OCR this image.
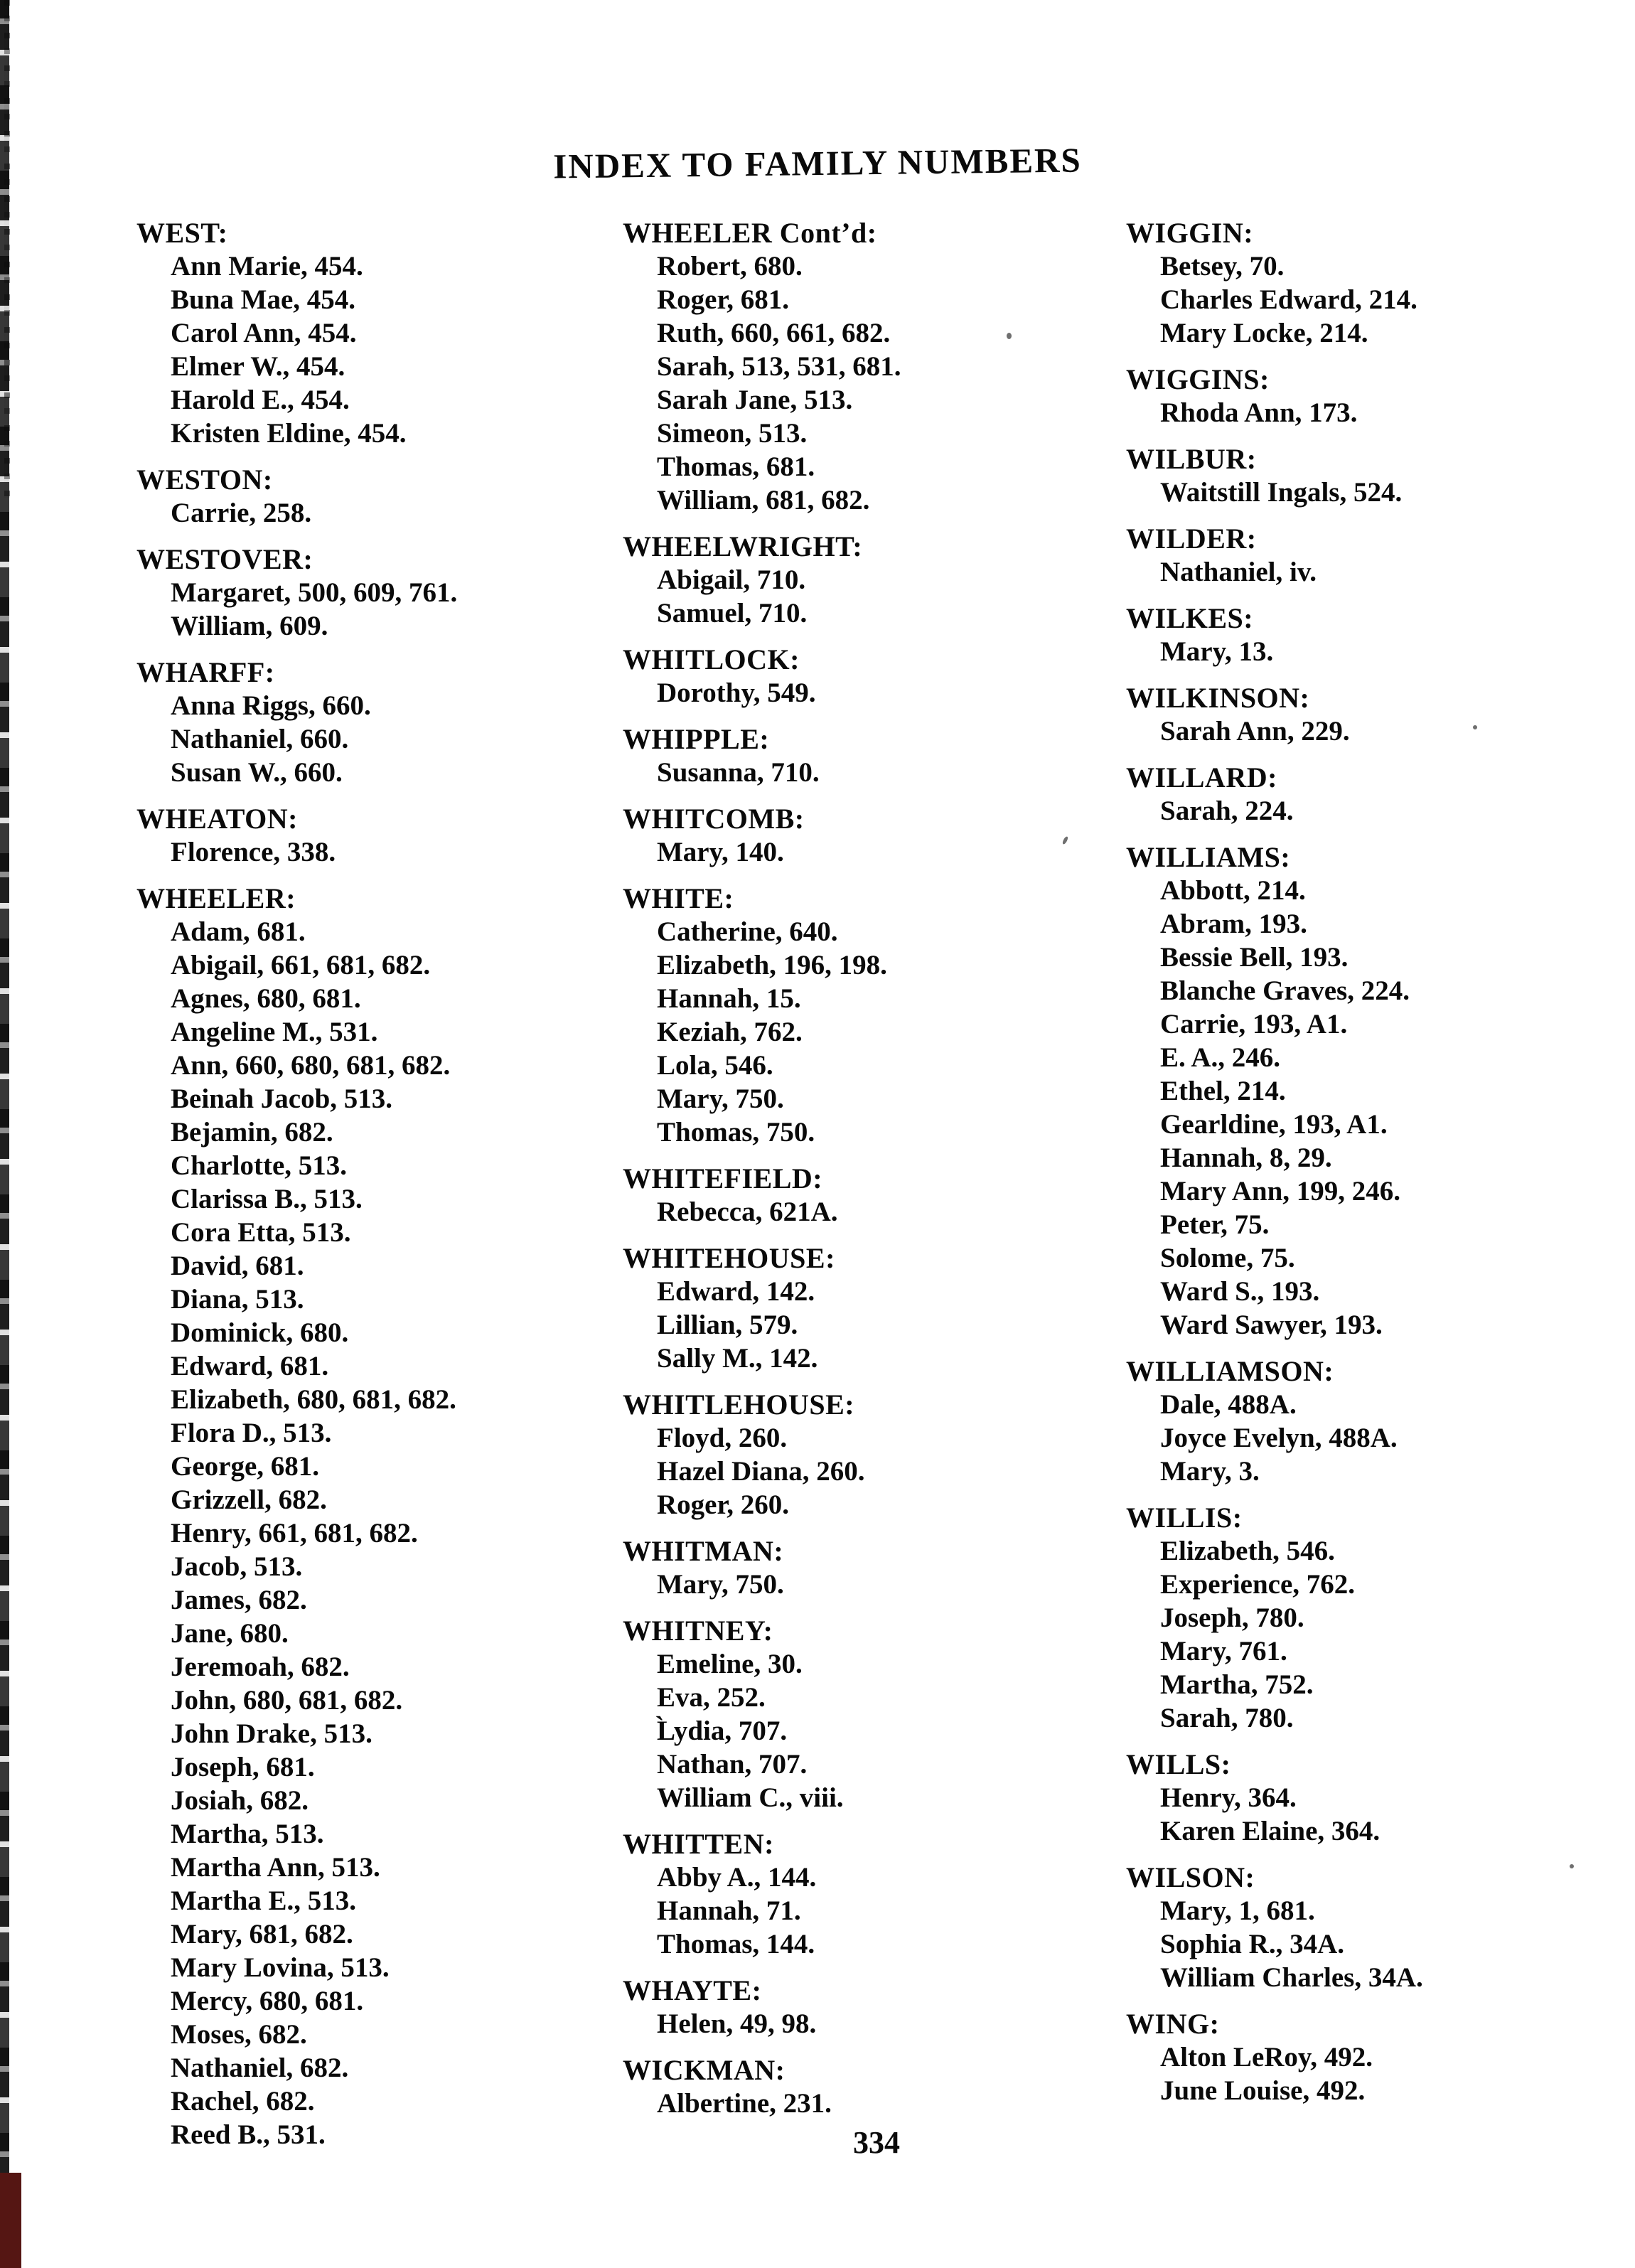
INDEX TO FAMILY NUMBERS
WEST:

Ann Marie, 454.

Buna Mae, 454.

Carol Ann, 454.

Elmer W., 454.

Harold E., 454.

Kristen Eldine, 454.

WESTON:

Carrie, 258.

WESTOVER:

Margaret, 500, 609, 761.

William, 609.

WHARFF:

Anna Riggs, 660.

Nathaniel, 660.

Susan W., 660.

WHEATON:

Florence, 338.

WHEELER:

Adam, 681.

Abigail, 661, 681, 682.

Agnes, 680, 681.

Angeline M., 531.

Ann, 660, 680, 681, 682.

Beinah Jacob, 513.

Bejamin, 682.

Charlotte, 513.

Clarissa B., 513.

Cora Etta, 513.

David, 681.

Diana, 513.

Dominick, 680.

Edward, 681.

Elizabeth, 680, 681, 682.

Flora D., 513.

George, 681.

Grizzell, 682.

Henry, 661, 681, 682.

Jacob, 513.

James, 682.

Jane, 680.

Jeremoah, 682.

John, 680, 681, 682.

John Drake, 513.

Joseph, 681.

Josiah, 682.

Martha, 513.

Martha Ann, 513.

Martha E., 513.

Mary, 681, 682.

Mary Lovina, 513.

Mercy, 680, 681.

Moses, 682.

Nathaniel, 682.

Rachel, 682.

Reed B., 531.

WHEELER Cont’d:

Robert, 680.

Roger, 681.

Ruth, 660, 661, 682.

Sarah, 513, 531, 681.

Sarah Jane, 513.

Simeon, 513.

Thomas, 681.

William, 681, 682.

WHEELWRIGHT:

Abigail, 710.

Samuel, 710.

WHITLOCK:

Dorothy, 549.

WHIPPLE:

Susanna, 710.

WHITCOMB:

Mary, 140.

WHITE:

Catherine, 640.

Elizabeth, 196, 198.

Hannah, 15.

Keziah, 762.

Lola, 546.

Mary, 750.

Thomas, 750.

WHITEFIELD:

Rebecca, 621A.

WHITEHOUSE:

Edward, 142.

Lillian, 579.

Sally M., 142.

WHITLEHOUSE:

Floyd, 260.

Hazel Diana, 260.

Roger, 260.

WHITMAN:

Mary, 750.

WHITNEY:

Emeline, 30.

Eva, 252.

L̀ydia, 707.

Nathan, 707.

William C., viii.

WHITTEN:

Abby A., 144.

Hannah, 71.

Thomas, 144.

WHAYTE:

Helen, 49, 98.

WICKMAN:

Albertine, 231.

WIGGIN:

Betsey, 70.

Charles Edward, 214.

Mary Locke, 214.

WIGGINS:

Rhoda Ann, 173.

WILBUR:

Waitstill Ingals, 524.

WILDER:

Nathaniel, iv.

WILKES:

Mary, 13.

WILKINSON:

Sarah Ann, 229.

WILLARD:

Sarah, 224.

WILLIAMS:

Abbott, 214.

Abram, 193.

Bessie Bell, 193.

Blanche Graves, 224.

Carrie, 193, A1.

E. A., 246.

Ethel, 214.

Gearldine, 193, A1.

Hannah, 8, 29.

Mary Ann, 199, 246.

Peter, 75.

Solome, 75.

Ward S., 193.

Ward Sawyer, 193.

WILLIAMSON:

Dale, 488A.

Joyce Evelyn, 488A.

Mary, 3.

WILLIS:

Elizabeth, 546.

Experience, 762.

Joseph, 780.

Mary, 761.

Martha, 752.

Sarah, 780.

WILLS:

Henry, 364.

Karen Elaine, 364.

WILSON:

Mary, 1, 681.

Sophia R., 34A.

William Charles, 34A.

WING:

Alton LeRoy, 492.

June Louise, 492.

334
